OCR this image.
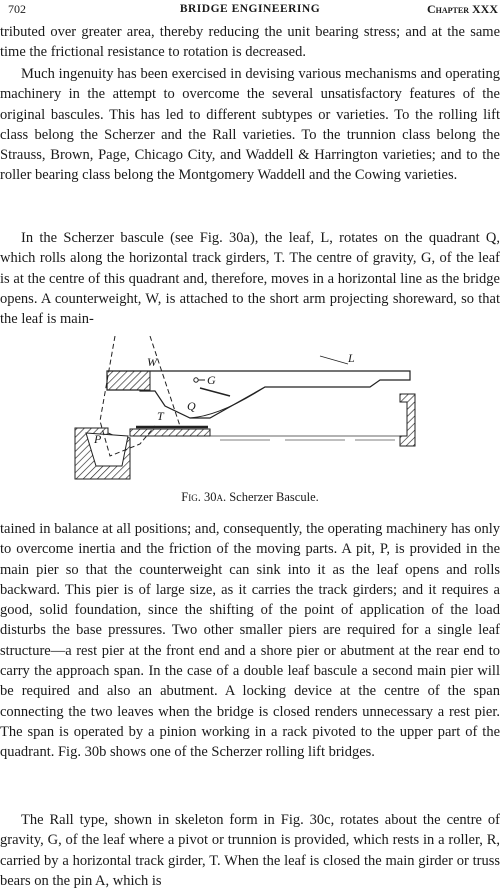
702	BRIDGE ENGINEERING	Chapter XXX

tributed over greater area, thereby reducing the unit bearing stress; and at the same time the frictional resistance to rotation is decreased.

Much ingenuity has been exercised in devising various mechanisms and operating machinery in the attempt to overcome the several unsatisfactory features of the original bascules. This has led to different subtypes or varieties. To the rolling lift class belong the Scherzer and the Rall varieties. To the trunnion class belong the Strauss, Brown, Page, Chicago City, and Waddell & Harrington varieties; and to the roller bearing class belong the Montgomery Waddell and the Cowing varieties.

In the Scherzer bascule (see Fig. 30a), the leaf, L, rotates on the quadrant Q, which rolls along the horizontal track girders, T. The centre of gravity, G, of the leaf is at the centre of this quadrant and, therefore, moves in a horizontal line as the bridge opens. A counterweight, W, is attached to the short arm projecting shoreward, so that the leaf is main-

W
G
L
T
Q
P
Fig. 30a. Scherzer Bascule.

tained in balance at all positions; and, consequently, the operating machinery has only to overcome inertia and the friction of the moving parts. A pit, P, is provided in the main pier so that the counterweight can sink into it as the leaf opens and rolls backward. This pier is of large size, as it carries the track girders; and it requires a good, solid foundation, since the shifting of the point of application of the load disturbs the base pressures. Two other smaller piers are required for a single leaf structure—a rest pier at the front end and a shore pier or abutment at the rear end to carry the approach span. In the case of a double leaf bascule a second main pier will be required and also an abutment. A locking device at the centre of the span connecting the two leaves when the bridge is closed renders unnecessary a rest pier. The span is operated by a pinion working in a rack pivoted to the upper part of the quadrant. Fig. 30b shows one of the Scherzer rolling lift bridges.

The Rall type, shown in skeleton form in Fig. 30c, rotates about the centre of gravity, G, of the leaf where a pivot or trunnion is provided, which rests in a roller, R, carried by a horizontal track girder, T. When the leaf is closed the main girder or truss bears on the pin A, which is
